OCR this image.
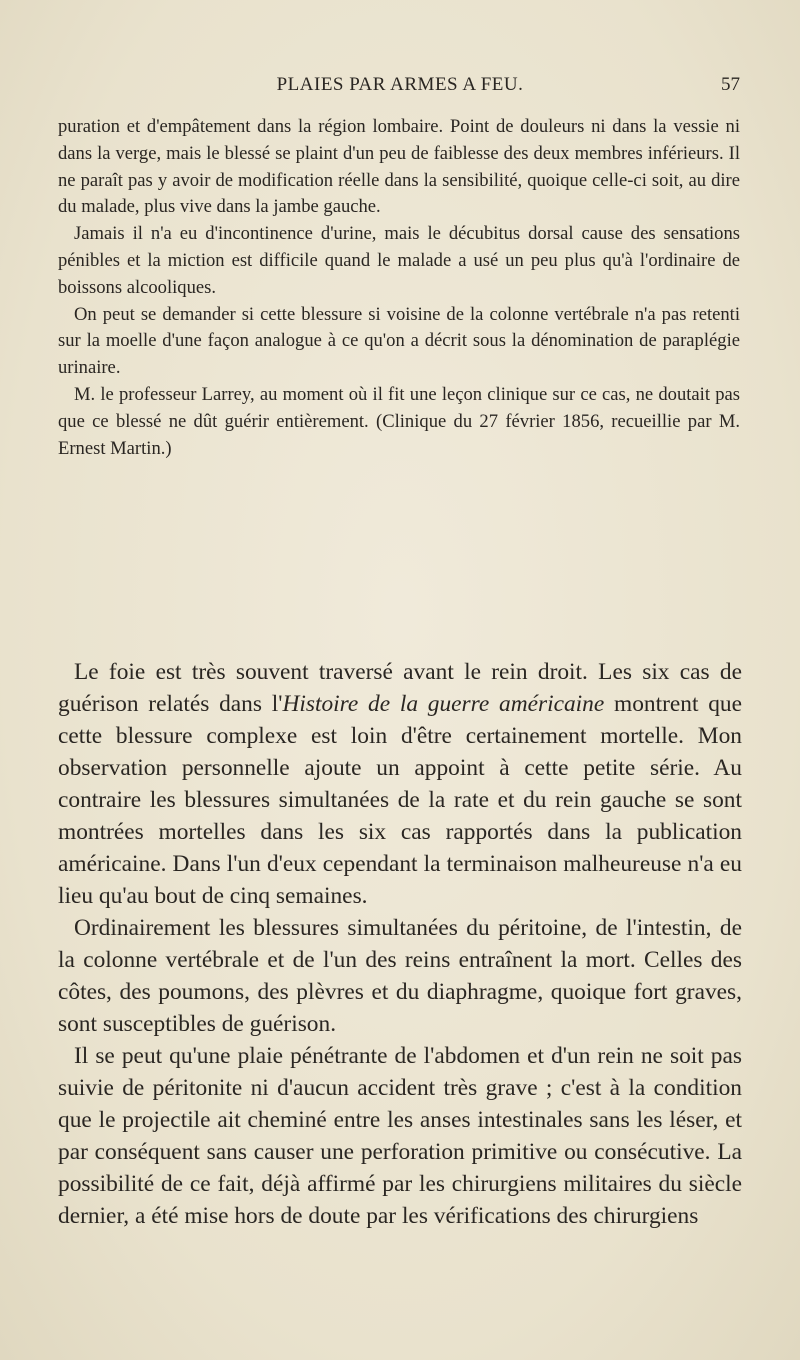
PLAIES PAR ARMES A FEU.	57

puration et d'empâtement dans la région lombaire. Point de douleurs ni dans la vessie ni dans la verge, mais le blessé se plaint d'un peu de faiblesse des deux membres inférieurs. Il ne paraît pas y avoir de modification réelle dans la sensibilité, quoique celle-ci soit, au dire du malade, plus vive dans la jambe gauche.

Jamais il n'a eu d'incontinence d'urine, mais le décubitus dorsal cause des sensations pénibles et la miction est difficile quand le malade a usé un peu plus qu'à l'ordinaire de boissons alcooliques.

On peut se demander si cette blessure si voisine de la colonne vertébrale n'a pas retenti sur la moelle d'une façon analogue à ce qu'on a décrit sous la dénomination de paraplégie urinaire.

M. le professeur Larrey, au moment où il fit une leçon clinique sur ce cas, ne doutait pas que ce blessé ne dût guérir entièrement. (Clinique du 27 février 1856, recueillie par M. Ernest Martin.)

Le foie est très souvent traversé avant le rein droit. Les six cas de guérison relatés dans l'Histoire de la guerre américaine montrent que cette blessure complexe est loin d'être certainement mortelle. Mon observation personnelle ajoute un appoint à cette petite série. Au contraire les blessures simultanées de la rate et du rein gauche se sont montrées mortelles dans les six cas rapportés dans la publication américaine. Dans l'un d'eux cependant la terminaison malheureuse n'a eu lieu qu'au bout de cinq semaines.

Ordinairement les blessures simultanées du péritoine, de l'intestin, de la colonne vertébrale et de l'un des reins entraînent la mort. Celles des côtes, des poumons, des plèvres et du diaphragme, quoique fort graves, sont susceptibles de guérison.

Il se peut qu'une plaie pénétrante de l'abdomen et d'un rein ne soit pas suivie de péritonite ni d'aucun accident très grave ; c'est à la condition que le projectile ait cheminé entre les anses intestinales sans les léser, et par conséquent sans causer une perforation primitive ou consécutive. La possibilité de ce fait, déjà affirmé par les chirurgiens militaires du siècle dernier, a été mise hors de doute par les vérifications des chirurgiens
